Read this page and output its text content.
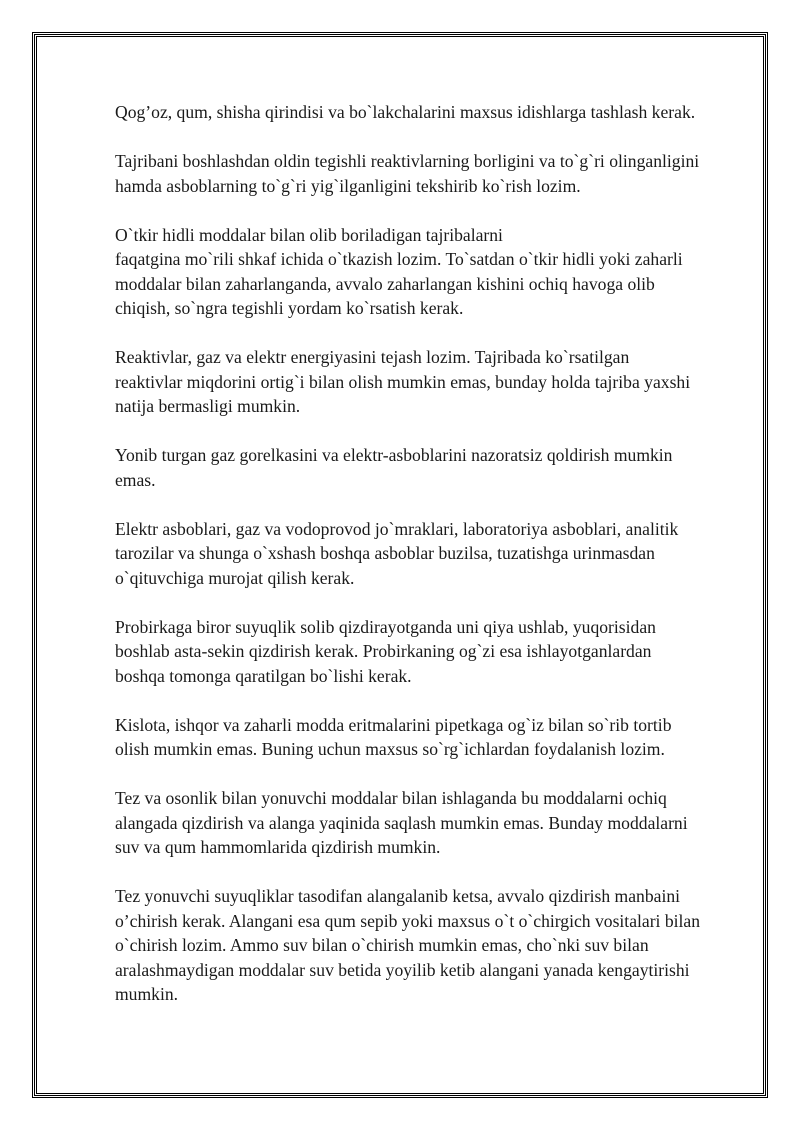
Qog’oz, qum, shisha qirindisi va bo`lakchalarini maxsus idishlarga tashlash kerak.

Tajribani boshlashdan oldin tegishli reaktivlarning borligini va to`g`ri olinganligini
hamda asboblarning to`g`ri yig`ilganligini tekshirib ko`rish lozim.

O`tkir hidli moddalar bilan olib boriladigan tajribalarni
faqatgina mo`rili shkaf ichida o`tkazish lozim. To`satdan o`tkir hidli yoki zaharli
moddalar bilan zaharlanganda, avvalo zaharlangan kishini ochiq havoga olib
chiqish, so`ngra tegishli yordam ko`rsatish kerak.

Reaktivlar, gaz va elektr energiyasini tejash lozim. Tajribada ko`rsatilgan
reaktivlar miqdorini ortig`i bilan olish mumkin emas, bunday holda tajriba yaxshi
natija bermasligi mumkin.

Yonib turgan gaz gorelkasini va elektr-asboblarini nazoratsiz qoldirish mumkin
emas.

Elektr asboblari, gaz va vodoprovod jo`mraklari, laboratoriya asboblari, analitik
tarozilar va shunga o`xshash boshqa asboblar buzilsa, tuzatishga urinmasdan
o`qituvchiga murojat qilish kerak.

Probirkaga biror suyuqlik solib qizdirayotganda uni qiya ushlab, yuqorisidan
boshlab asta-sekin qizdirish kerak. Probirkaning og`zi esa ishlayotganlardan
boshqa tomonga qaratilgan bo`lishi kerak.

Kislota, ishqor va zaharli modda eritmalarini pipetkaga og`iz bilan so`rib tortib
olish mumkin emas. Buning uchun maxsus so`rg`ichlardan foydalanish lozim.

Tez va osonlik bilan yonuvchi moddalar bilan ishlaganda bu moddalarni ochiq
alangada qizdirish va alanga yaqinida saqlash mumkin emas. Bunday moddalarni
suv va qum hammomlarida qizdirish mumkin.

Tez yonuvchi suyuqliklar tasodifan alangalanib ketsa, avvalo qizdirish manbaini
o’chirish kerak. Alangani esa qum sepib yoki maxsus o`t o`chirgich vositalari bilan
o`chirish lozim. Ammo suv bilan o`chirish mumkin emas, cho`nki suv bilan
aralashmaydigan moddalar suv betida yoyilib ketib alangani yanada kengaytirishi
mumkin.
